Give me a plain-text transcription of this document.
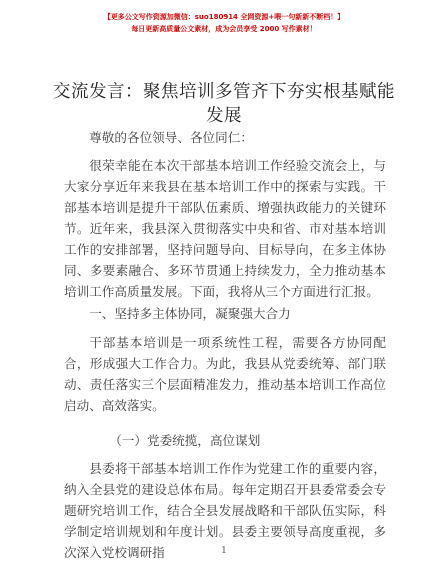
【更多公文写作资源加微信：suo180914 全网资源+喂一句新新不断档！】
每日更新高质量公文素材，成为会员享受 2000 写作素材！
交流发言：聚焦培训多管齐下夯实根基赋能发展

尊敬的各位领导、各位同仁：

很荣幸能在本次干部基本培训工作经验交流会上，与大家分享近年来我县在基本培训工作中的探索与实践。干部基本培训是提升干部队伍素质、增强执政能力的关键环节。近年来，我县深入贯彻落实中央和省、市对基本培训工作的安排部署，坚持问题导向、目标导向，在多主体协同、多要素融合、多环节贯通上持续发力，全力推动基本培训工作高质量发展。下面，我将从三个方面进行汇报。

一、坚持多主体协同，凝聚强大合力

干部基本培训是一项系统性工程，需要各方协同配合，形成强大工作合力。为此，我县从党委统筹、部门联动、责任落实三个层面精准发力，推动基本培训工作高位启动、高效落实。

（一）党委统揽，高位谋划

县委将干部基本培训工作作为党建工作的重要内容，纳入全县党的建设总体布局。每年定期召开县委常委会专题研究培训工作，结合全县发展战略和干部队伍实际，科学制定培训规划和年度计划。县委主要领导高度重视，多次深入党校调研指	1
